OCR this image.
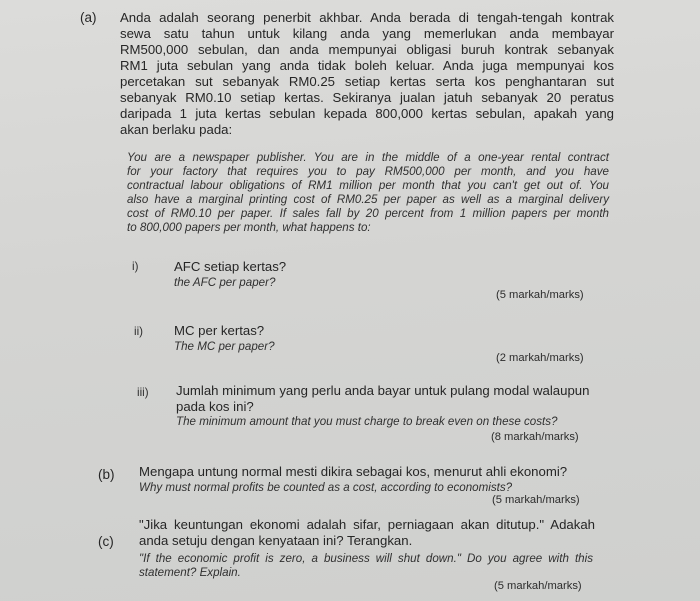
(a) Anda adalah seorang penerbit akhbar. Anda berada di tengah-tengah kontrak
sewa satu tahun untuk kilang anda yang memerlukan anda membayar
RM500,000 sebulan, dan anda mempunyai obligasi buruh kontrak sebanyak
RM1 juta sebulan yang anda tidak boleh keluar. Anda juga mempunyai kos
percetakan sut sebanyak RM0.25 setiap kertas serta kos penghantaran sut
sebanyak RM0.10 setiap kertas. Sekiranya jualan jatuh sebanyak 20 peratus
daripada 1 juta kertas sebulan kepada 800,000 kertas sebulan, apakah yang
akan berlaku pada:
You are a newspaper publisher. You are in the middle of a one-year rental contract
for your factory that requires you to pay RM500,000 per month, and you have
contractual labour obligations of RM1 million per month that you can't get out of. You
also have a marginal printing cost of RM0.25 per paper as well as a marginal delivery
cost of RM0.10 per paper. If sales fall by 20 percent from 1 million papers per month
to 800,000 papers per month, what happens to:
i)	AFC setiap kertas?
the AFC per paper?
(5 markah/marks)
ii) MC per kertas?
The MC per paper?
(2 markah/marks)
iii) Jumlah minimum yang perlu anda bayar untuk pulang modal walaupun
pada kos ini?
The minimum amount that you must charge to break even on these costs?
(8 markah/marks)
(b) Mengapa untung normal mesti dikira sebagai kos, menurut ahli ekonomi?
Why must normal profits be counted as a cost, according to economists?
(5 markah/marks)
(c)
"Jika keuntungan ekonomi adalah sifar, perniagaan akan ditutup." Adakah
anda setuju dengan kenyataan ini? Terangkan.
"If the economic profit is zero, a business will shut down." Do you agree with this
statement? Explain.
(5 markah/marks)
